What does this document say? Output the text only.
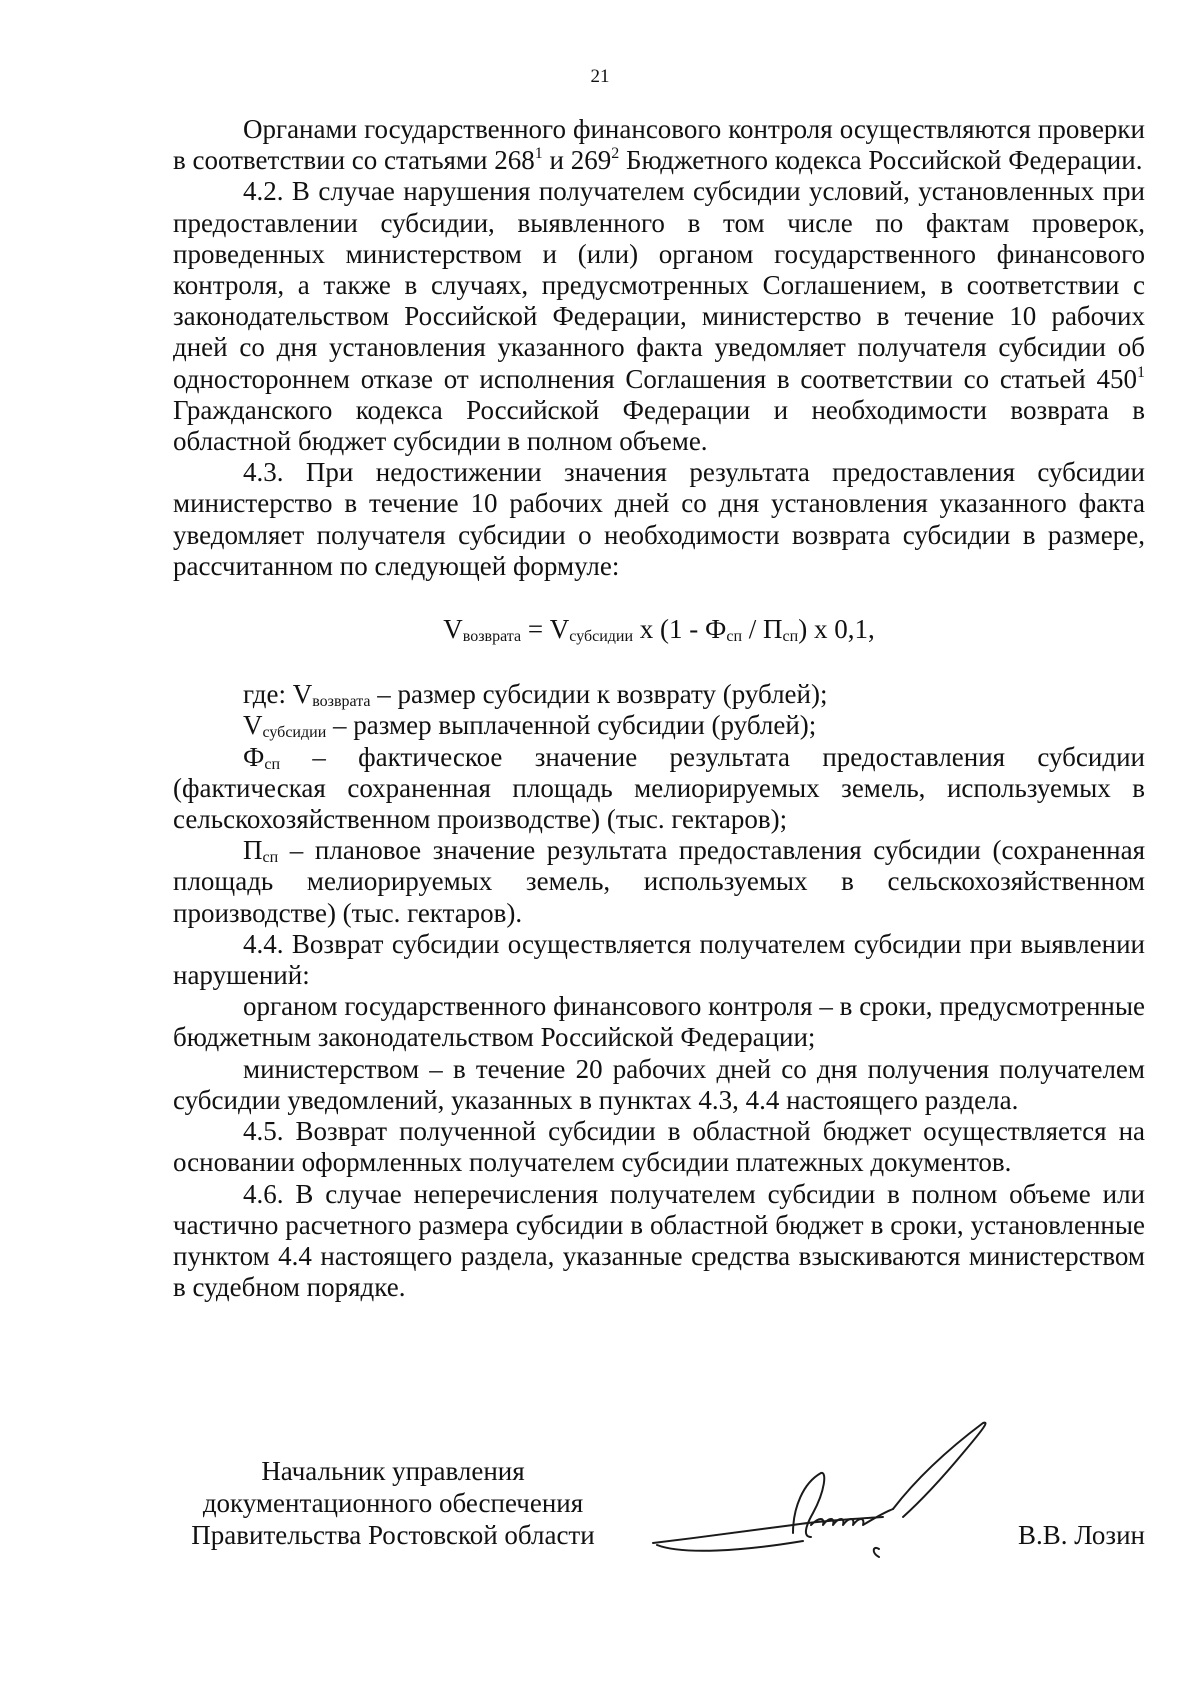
21

Органами государственного финансового контроля осуществляются проверки в соответствии со статьями $268^1$ и $269^2$ Бюджетного кодекса Российской Федерации.

4.2. В случае нарушения получателем субсидии условий, установленных при предоставлении субсидии, выявленного в том числе по фактам проверок, проведенных министерством и (или) органом государственного финансового контроля, а также в случаях, предусмотренных Соглашением, в соответствии с законодательством Российской Федерации, министерство в течение 10 рабочих дней со дня установления указанного факта уведомляет получателя субсидии об одностороннем отказе от исполнения Соглашения в соответствии со статьей $450^1$ Гражданского кодекса Российской Федерации и необходимости возврата в областной бюджет субсидии в полном объеме.

4.3. При недостижении значения результата предоставления субсидии министерство в течение 10 рабочих дней со дня установления указанного факта уведомляет получателя субсидии о необходимости возврата субсидии в размере, рассчитанном по следующей формуле:

$V_{возврата} = V_{субсидии}$ х $(1 - Ф_{сп} / П_{сп})$ х 0,1,

где: $V_{возврата}$ – размер субсидии к возврату (рублей);

$V_{субсидии}$ – размер выплаченной субсидии (рублей);

$Ф_{сп}$ – фактическое значение результата предоставления субсидии (фактическая сохраненная площадь мелиорируемых земель, используемых в сельскохозяйственном производстве) (тыс. гектаров);

$П_{сп}$ – плановое значение результата предоставления субсидии (сохраненная площадь мелиорируемых земель, используемых в сельскохозяйственном производстве) (тыс. гектаров).

4.4. Возврат субсидии осуществляется получателем субсидии при выявлении нарушений:

органом государственного финансового контроля – в сроки, предусмотренные бюджетным законодательством Российской Федерации;

министерством – в течение 20 рабочих дней со дня получения получателем субсидии уведомлений, указанных в пунктах 4.3, 4.4 настоящего раздела.

4.5. Возврат полученной субсидии в областной бюджет осуществляется на основании оформленных получателем субсидии платежных документов.

4.6. В случае неперечисления получателем субсидии в полном объеме или частично расчетного размера субсидии в областной бюджет в сроки, установленные пунктом 4.4 настоящего раздела, указанные средства взыскиваются министерством в судебном порядке.

Начальник управления
документационного обеспечения
Правительства Ростовской области	В.В. Лозин
